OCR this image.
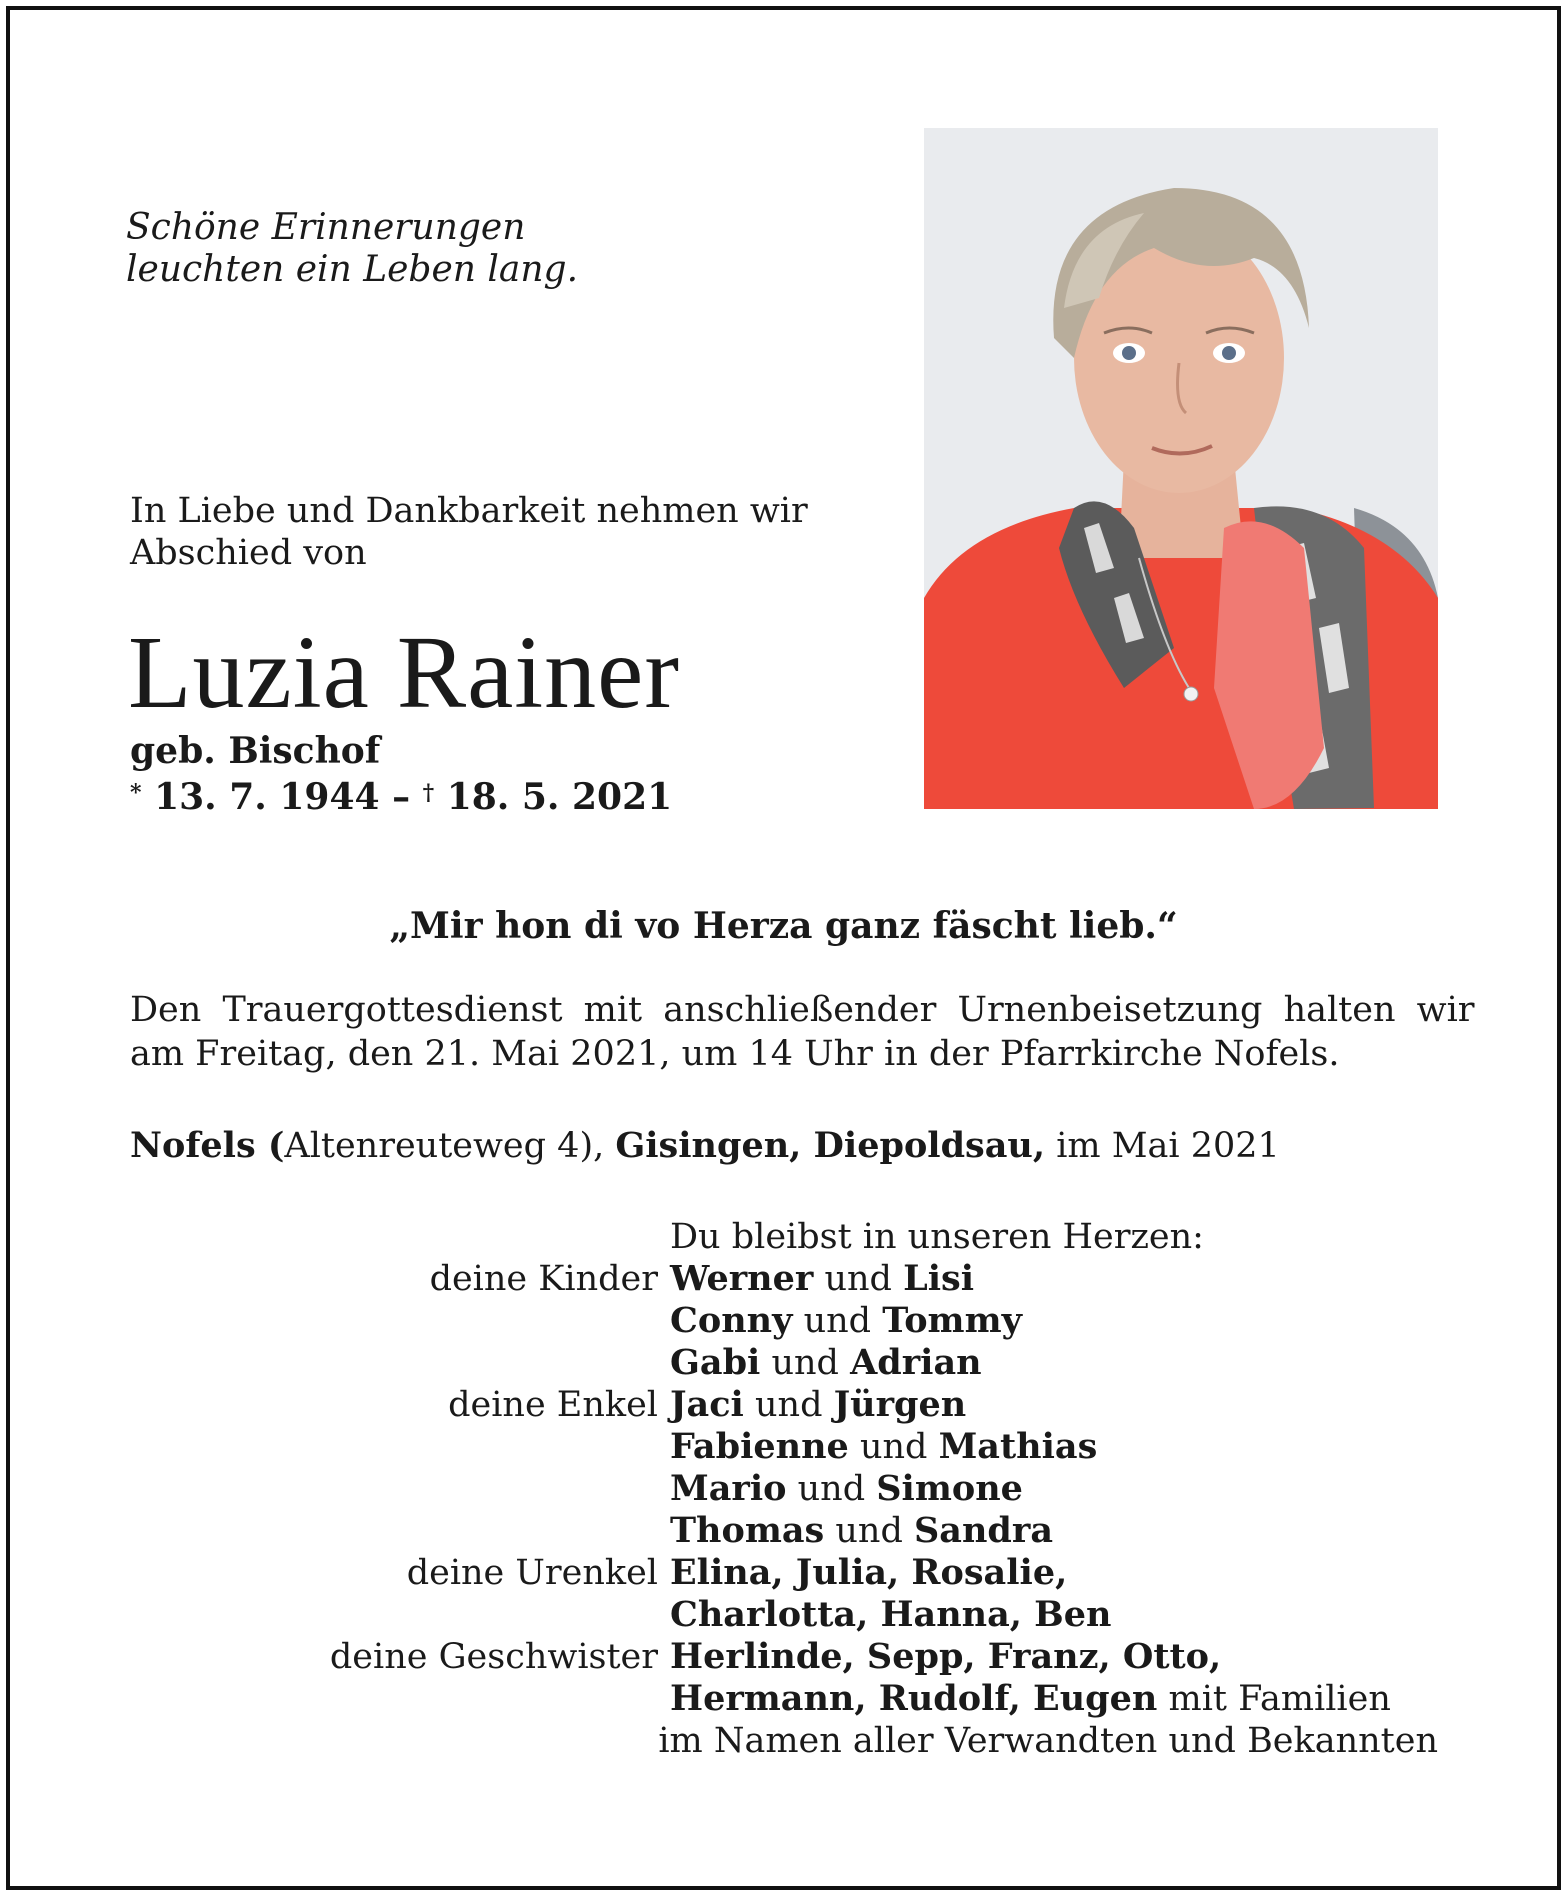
Schöne Erinnerungen
leuchten ein Leben lang.
In Liebe und Dankbarkeit nehmen wir
Abschied von
Luzia Rainer
geb. Bischof
* 13. 7. 1944 – † 18. 5. 2021
„Mir hon di vo Herza ganz fäscht lieb.“
Den Trauergottesdienst mit anschließender Urnenbeisetzung halten wir
am Freitag, den 21. Mai 2021, um 14 Uhr in der Pfarrkirche Nofels.
Nofels (Altenreuteweg 4), Gisingen, Diepoldsau, im Mai 2021
Du bleibst in unseren Herzen:
deine Kinder Werner und Lisi
Conny und Tommy
Gabi und Adrian
deine Enkel Jaci und Jürgen
Fabienne und Mathias
Mario und Simone
Thomas und Sandra
deine Urenkel Elina, Julia, Rosalie,
Charlotta, Hanna, Ben
deine Geschwister Herlinde, Sepp, Franz, Otto,
Hermann, Rudolf, Eugen mit Familien
im Namen aller Verwandten und Bekannten
